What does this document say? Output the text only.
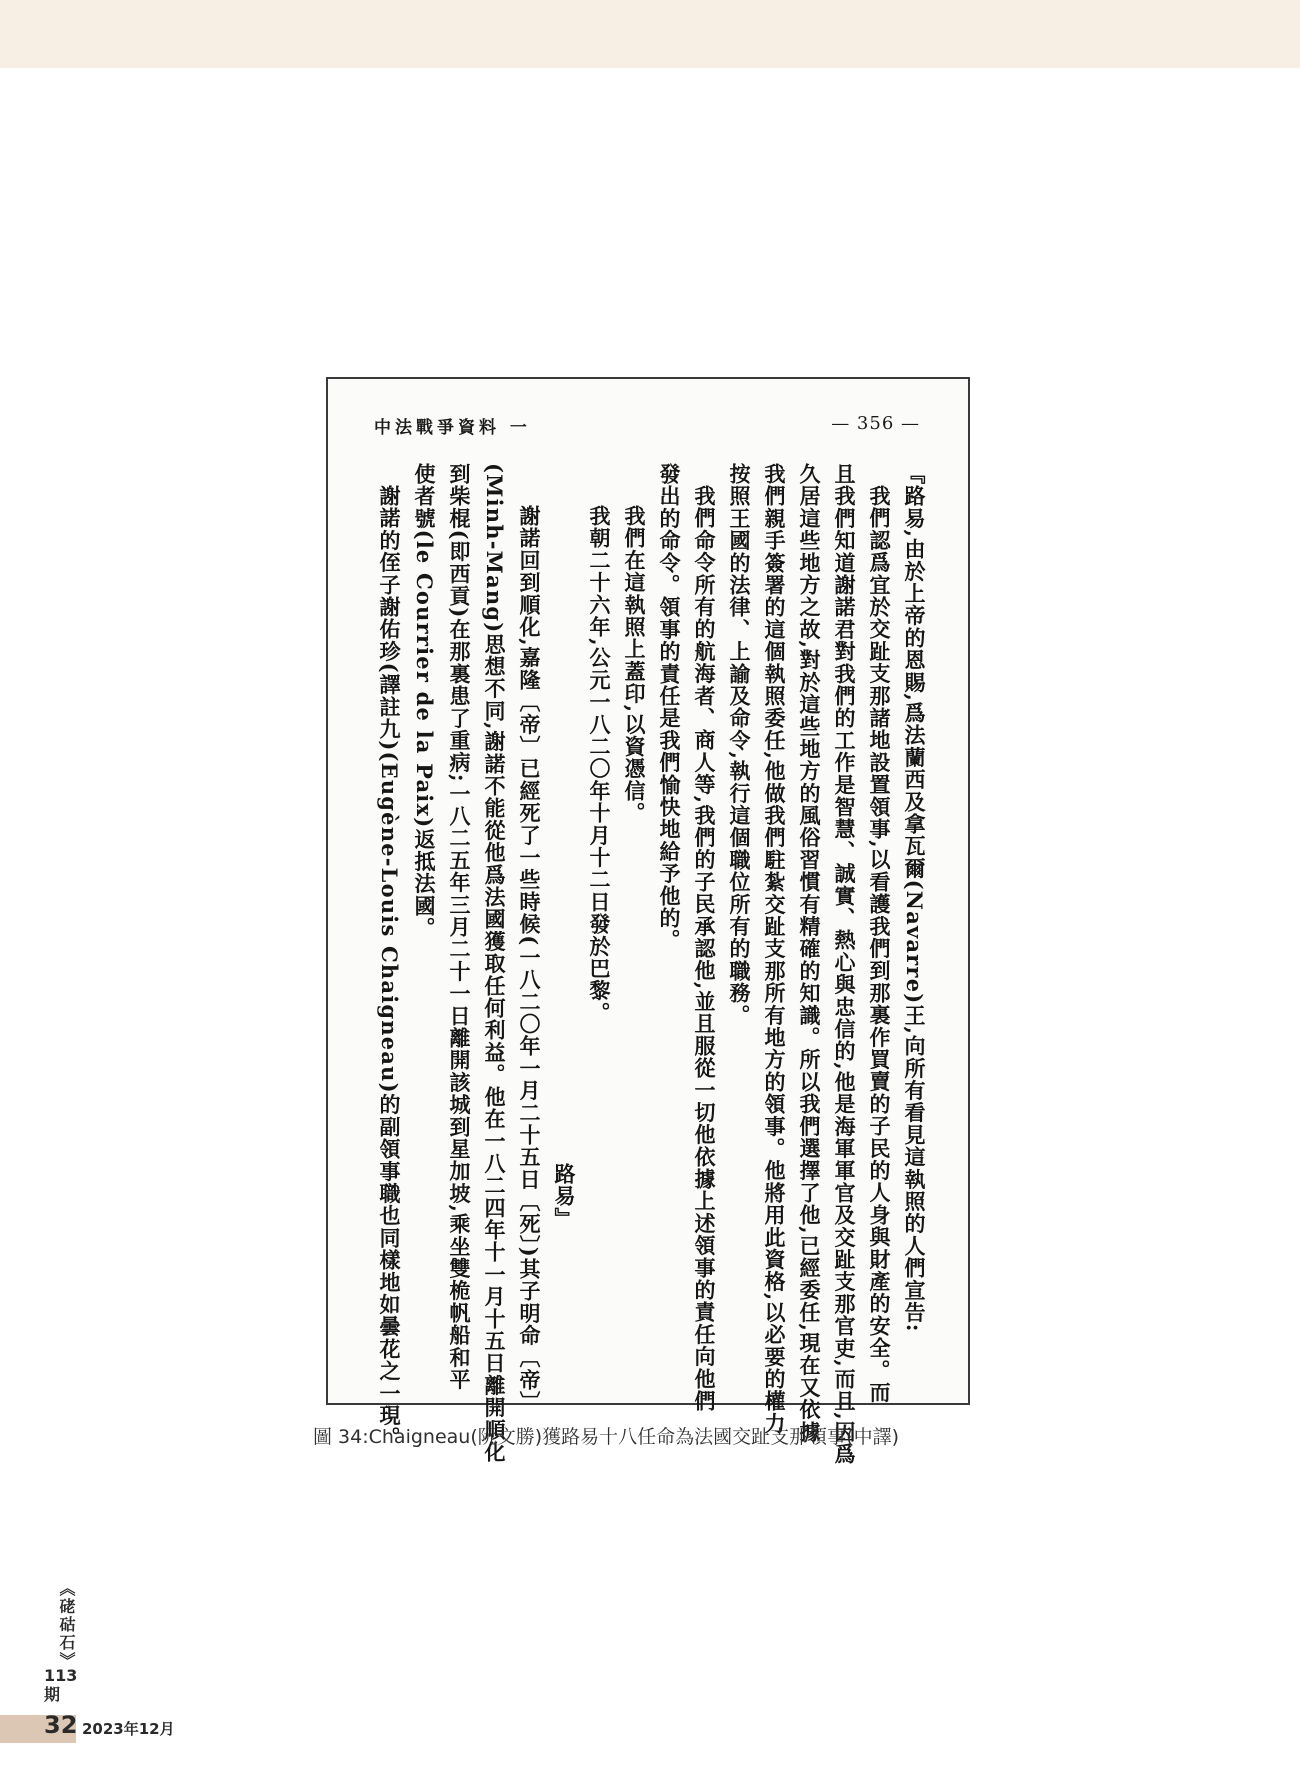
中法戰爭資料 一	— 356 —

『路易,由於上帝的恩賜,爲法蘭西及拿瓦爾(Navarre)王,向所有看見這執照的人們宣告:

我們認爲宜於交趾支那諸地設置領事,以看護我們到那裏作買賣的子民的人身與財產的安全。而

且我們知道謝諾君對我們的工作是智慧、誠實、熱心與忠信的,他是海軍軍官及交趾支那官吏,而且,因爲

久居這些地方之故,對於這些地方的風俗習慣有精確的知識。所以我們選擇了他,已經委任,現在又依據

我們親手簽署的這個執照委任,他做我們駐紮交趾支那所有地方的領事。他將用此資格,以必要的權力

按照王國的法律、上諭及命令,執行這個職位所有的職務。

我們命令所有的航海者、商人等,我們的子民承認他,並且服從一切他依據上述領事的責任向他們

發出的命令。領事的責任是我們愉快地給予他的。

我們在這執照上蓋印,以資憑信。

我朝二十六年,公元一八二〇年十月十二日發於巴黎。

路易』

謝諾回到順化,嘉隆〔帝〕已經死了一些時候(一八二〇年一月二十五日〔死〕)其子明命〔帝〕

(Minh-Mang)思想不同,謝諾不能從他爲法國獲取任何利益。他在一八二四年十一月十五日離開順化

到柴棍(即西貢)在那裏患了重病;一八二五年三月二十一日離開該城到星加坡,乘坐雙桅帆船和平

使者號(le Courrier de la Paix)返抵法國。

謝諾的侄子謝佑珍(譯註九)(Eugène-Louis Chaigneau)的副領事職也同樣地如曇花之一現。

圖 34:Chaigneau(阮文勝)獲路易十八任命為法國交趾支那領事(中譯)
《硓𥑮石》
113期
32 2023年12月
